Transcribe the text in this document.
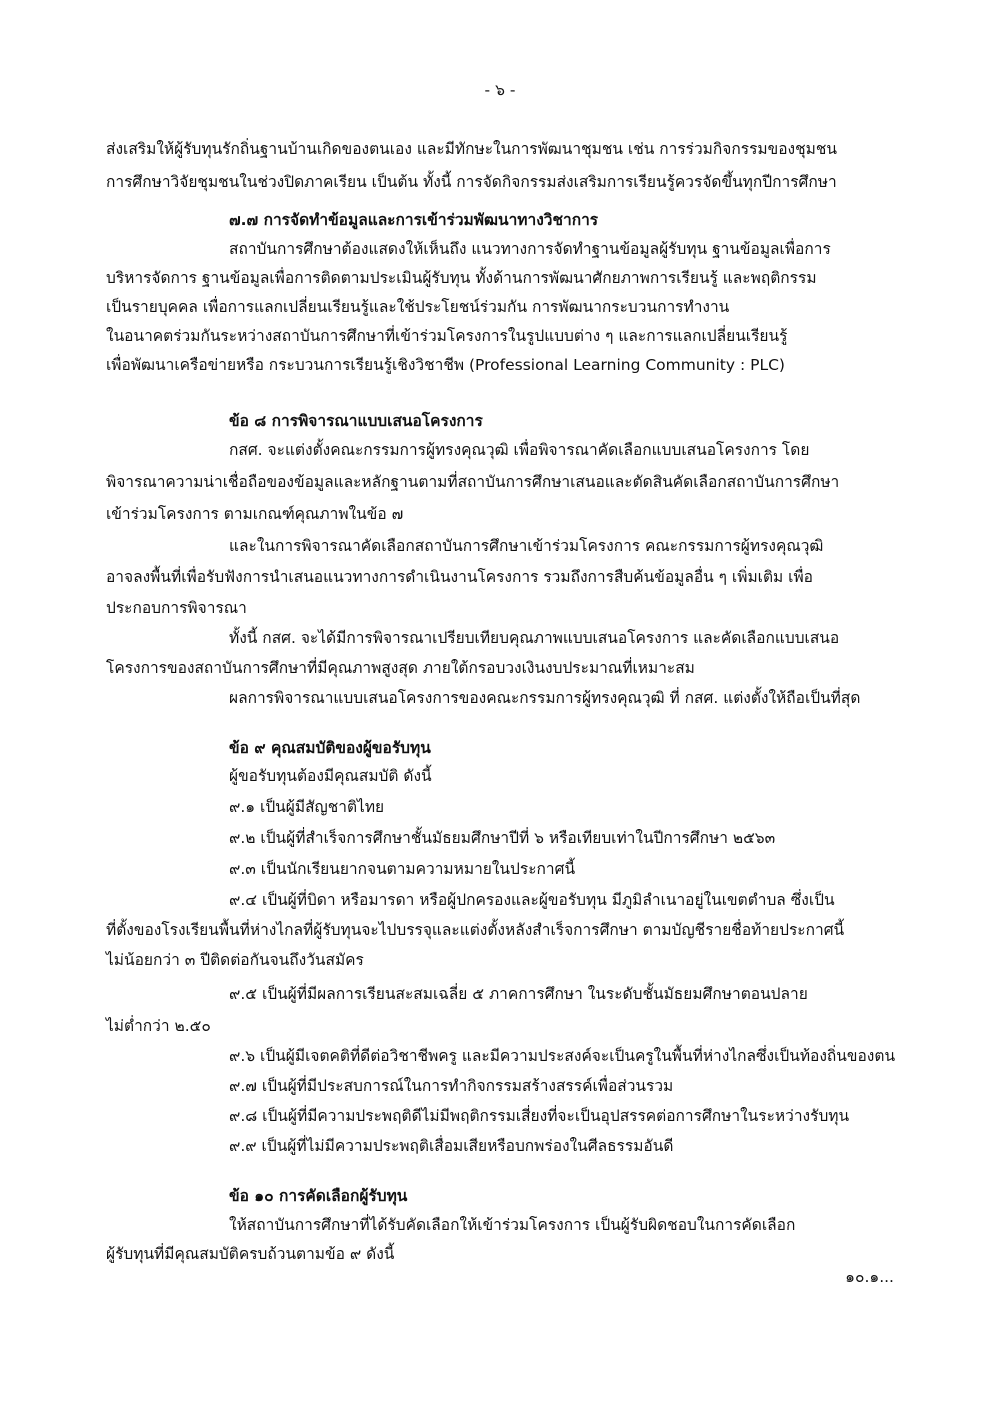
- ๖ -
ส่งเสริมให้ผู้รับทุนรักถิ่นฐานบ้านเกิดของตนเอง และมีทักษะในการพัฒนาชุมชน เช่น การร่วมกิจกรรมของชุมชน
การศึกษาวิจัยชุมชนในช่วงปิดภาคเรียน เป็นต้น ทั้งนี้ การจัดกิจกรรมส่งเสริมการเรียนรู้ควรจัดขึ้นทุกปีการศึกษา
๗.๗ การจัดทำข้อมูลและการเข้าร่วมพัฒนาทางวิชาการ
สถาบันการศึกษาต้องแสดงให้เห็นถึง แนวทางการจัดทำฐานข้อมูลผู้รับทุน ฐานข้อมูลเพื่อการ
บริหารจัดการ ฐานข้อมูลเพื่อการติดตามประเมินผู้รับทุน ทั้งด้านการพัฒนาศักยภาพการเรียนรู้ และพฤติกรรม
เป็นรายบุคคล เพื่อการแลกเปลี่ยนเรียนรู้และใช้ประโยชน์ร่วมกัน การพัฒนากระบวนการทำงาน
ในอนาคตร่วมกันระหว่างสถาบันการศึกษาที่เข้าร่วมโครงการในรูปแบบต่าง ๆ และการแลกเปลี่ยนเรียนรู้
เพื่อพัฒนาเครือข่ายหรือ กระบวนการเรียนรู้เชิงวิชาชีพ (Professional Learning Community : PLC)
ข้อ ๘ การพิจารณาแบบเสนอโครงการ
กสศ. จะแต่งตั้งคณะกรรมการผู้ทรงคุณวุฒิ เพื่อพิจารณาคัดเลือกแบบเสนอโครงการ โดย
พิจารณาความน่าเชื่อถือของข้อมูลและหลักฐานตามที่สถาบันการศึกษาเสนอและตัดสินคัดเลือกสถาบันการศึกษา
เข้าร่วมโครงการ ตามเกณฑ์คุณภาพในข้อ ๗
และในการพิจารณาคัดเลือกสถาบันการศึกษาเข้าร่วมโครงการ คณะกรรมการผู้ทรงคุณวุฒิ
อาจลงพื้นที่เพื่อรับฟังการนำเสนอแนวทางการดำเนินงานโครงการ รวมถึงการสืบค้นข้อมูลอื่น ๆ เพิ่มเติม เพื่อ
ประกอบการพิจารณา
ทั้งนี้ กสศ. จะได้มีการพิจารณาเปรียบเทียบคุณภาพแบบเสนอโครงการ และคัดเลือกแบบเสนอ
โครงการของสถาบันการศึกษาที่มีคุณภาพสูงสุด ภายใต้กรอบวงเงินงบประมาณที่เหมาะสม
ผลการพิจารณาแบบเสนอโครงการของคณะกรรมการผู้ทรงคุณวุฒิ ที่ กสศ. แต่งตั้งให้ถือเป็นที่สุด
ข้อ ๙ คุณสมบัติของผู้ขอรับทุน
ผู้ขอรับทุนต้องมีคุณสมบัติ ดังนี้
๙.๑ เป็นผู้มีสัญชาติไทย
๙.๒ เป็นผู้ที่สำเร็จการศึกษาชั้นมัธยมศึกษาปีที่ ๖ หรือเทียบเท่าในปีการศึกษา ๒๕๖๓
๙.๓ เป็นนักเรียนยากจนตามความหมายในประกาศนี้
๙.๔ เป็นผู้ที่บิดา หรือมารดา หรือผู้ปกครองและผู้ขอรับทุน มีภูมิลำเนาอยู่ในเขตตำบล ซึ่งเป็น
ที่ตั้งของโรงเรียนพื้นที่ห่างไกลที่ผู้รับทุนจะไปบรรจุและแต่งตั้งหลังสำเร็จการศึกษา ตามบัญชีรายชื่อท้ายประกาศนี้
ไม่น้อยกว่า ๓ ปีติดต่อกันจนถึงวันสมัคร
๙.๕ เป็นผู้ที่มีผลการเรียนสะสมเฉลี่ย ๕ ภาคการศึกษา ในระดับชั้นมัธยมศึกษาตอนปลาย
ไม่ต่ำกว่า ๒.๕๐
๙.๖ เป็นผู้มีเจตคติที่ดีต่อวิชาชีพครู และมีความประสงค์จะเป็นครูในพื้นที่ห่างไกลซึ่งเป็นท้องถิ่นของตน
๙.๗ เป็นผู้ที่มีประสบการณ์ในการทำกิจกรรมสร้างสรรค์เพื่อส่วนรวม
๙.๘ เป็นผู้ที่มีความประพฤติดีไม่มีพฤติกรรมเสี่ยงที่จะเป็นอุปสรรคต่อการศึกษาในระหว่างรับทุน
๙.๙ เป็นผู้ที่ไม่มีความประพฤติเสื่อมเสียหรือบกพร่องในศีลธรรมอันดี
ข้อ ๑๐ การคัดเลือกผู้รับทุน
ให้สถาบันการศึกษาที่ได้รับคัดเลือกให้เข้าร่วมโครงการ เป็นผู้รับผิดชอบในการคัดเลือก
ผู้รับทุนที่มีคุณสมบัติครบถ้วนตามข้อ ๙ ดังนี้
๑๐.๑...
